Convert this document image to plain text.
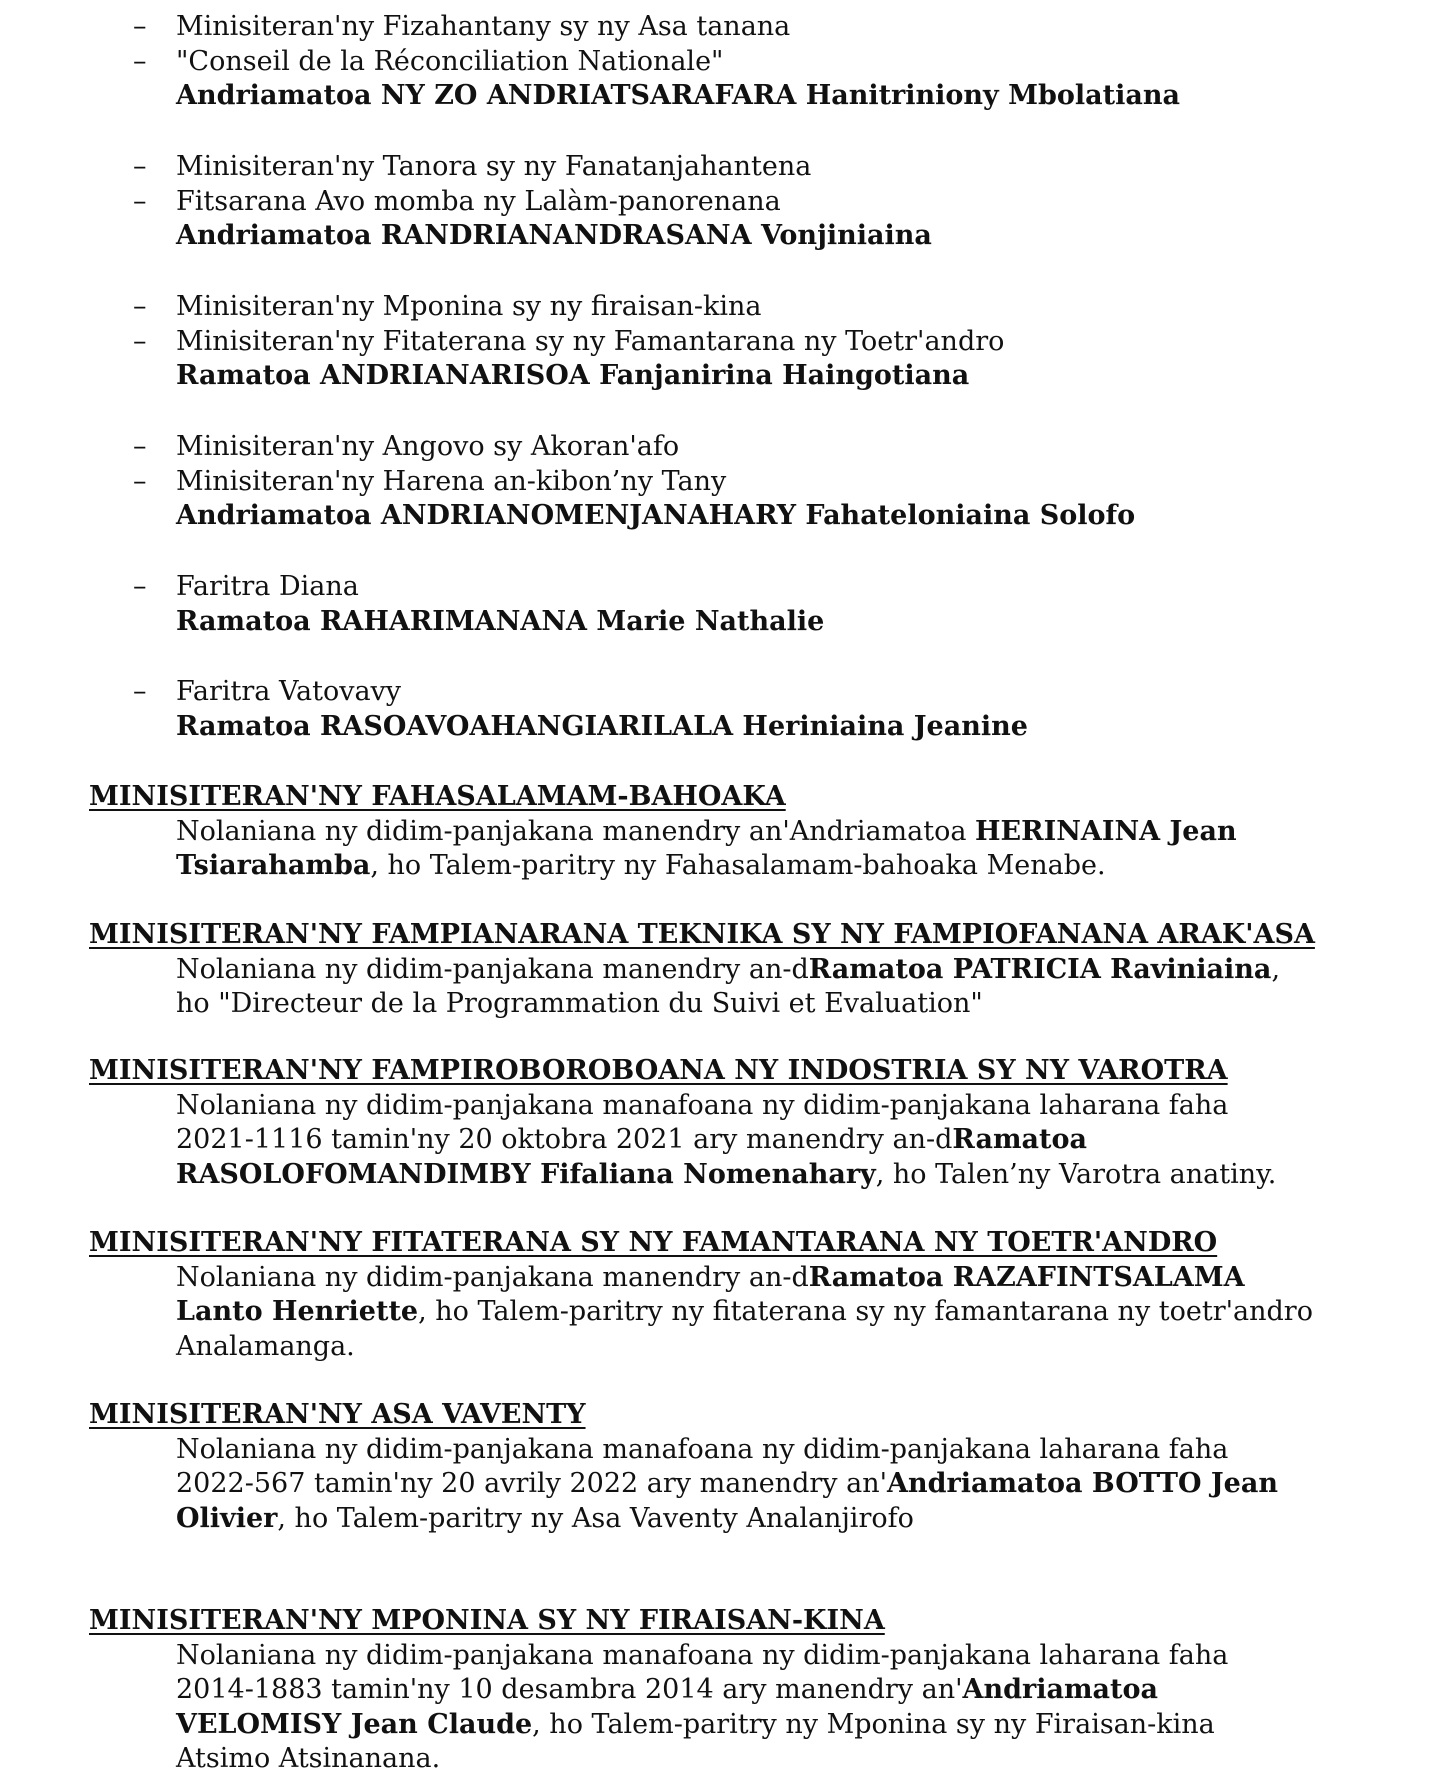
– Minisiteran'ny Fizahantany sy ny Asa tanana
– "Conseil de la Réconciliation Nationale"
Andriamatoa NY ZO ANDRIATSARAFARA Hanitriniony Mbolatiana
– Minisiteran'ny Tanora sy ny Fanatanjahantena
– Fitsarana Avo momba ny Lalàm-panorenana
Andriamatoa RANDRIANANDRASANA Vonjiniaina
– Minisiteran'ny Mponina sy ny firaisan-kina
– Minisiteran'ny Fitaterana sy ny Famantarana ny Toetr'andro
Ramatoa ANDRIANARISOA Fanjanirina Haingotiana
– Minisiteran'ny Angovo sy Akoran'afo
– Minisiteran'ny Harena an-kibon’ny Tany
Andriamatoa ANDRIANOMENJANAHARY Fahateloniaina Solofo
– Faritra Diana
Ramatoa RAHARIMANANA Marie Nathalie
– Faritra Vatovavy
Ramatoa RASOAVOAHANGIARILALA Heriniaina Jeanine
MINISITERAN'NY FAHASALAMAM-BAHOAKA
Nolaniana ny didim-panjakana manendry an'Andriamatoa HERINAINA Jean
Tsiarahamba, ho Talem-paritry ny Fahasalamam-bahoaka Menabe.
MINISITERAN'NY FAMPIANARANA TEKNIKA SY NY FAMPIOFANANA ARAK'ASA
Nolaniana ny didim-panjakana manendry an-dRamatoa PATRICIA Raviniaina,
ho "Directeur de la Programmation du Suivi et Evaluation"
MINISITERAN'NY FAMPIROBOROBOANA NY INDOSTRIA SY NY VAROTRA
Nolaniana ny didim-panjakana manafoana ny didim-panjakana laharana faha
2021-1116 tamin'ny 20 oktobra 2021 ary manendry an-dRamatoa
RASOLOFOMANDIMBY Fifaliana Nomenahary, ho Talen’ny Varotra anatiny.
MINISITERAN'NY FITATERANA SY NY FAMANTARANA NY TOETR'ANDRO
Nolaniana ny didim-panjakana manendry an-dRamatoa RAZAFINTSALAMA
Lanto Henriette, ho Talem-paritry ny fitaterana sy ny famantarana ny toetr'andro
Analamanga.
MINISITERAN'NY ASA VAVENTY
Nolaniana ny didim-panjakana manafoana ny didim-panjakana laharana faha
2022-567 tamin'ny 20 avrily 2022 ary manendry an'Andriamatoa BOTTO Jean
Olivier, ho Talem-paritry ny Asa Vaventy Analanjirofo
MINISITERAN'NY MPONINA SY NY FIRAISAN-KINA
Nolaniana ny didim-panjakana manafoana ny didim-panjakana laharana faha
2014-1883 tamin'ny 10 desambra 2014 ary manendry an'Andriamatoa
VELOMISY Jean Claude, ho Talem-paritry ny Mponina sy ny Firaisan-kina
Atsimo Atsinanana.
